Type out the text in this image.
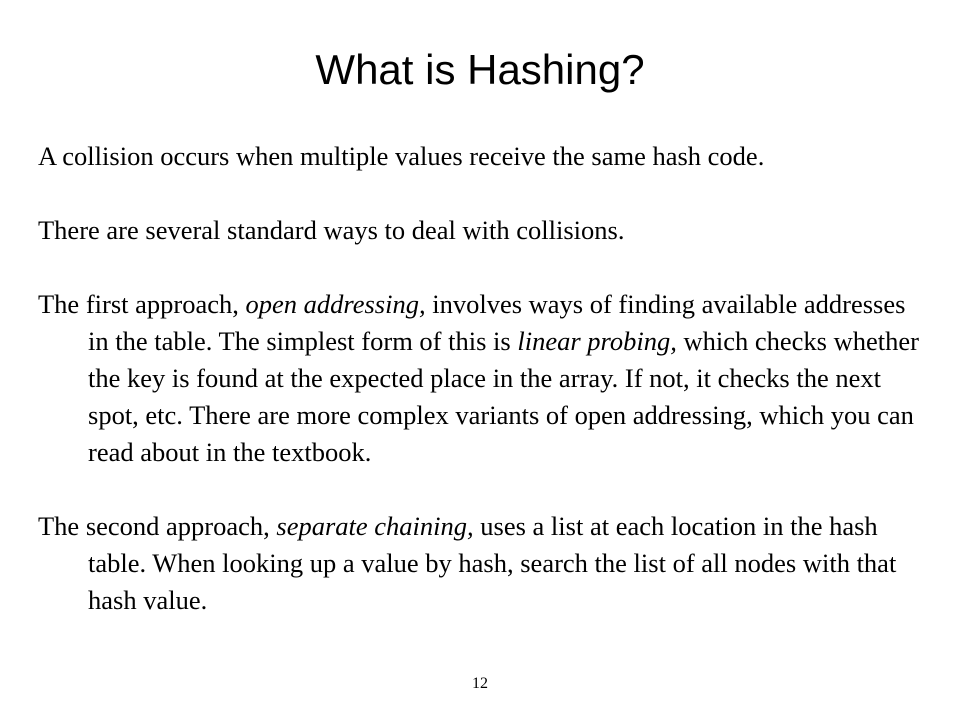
What is Hashing?

A collision occurs when multiple values receive the same hash code.

There are several standard ways to deal with collisions.

The first approach, open addressing, involves ways of finding available addresses in the table. The simplest form of this is linear probing, which checks whether the key is found at the expected place in the array. If not, it checks the next spot, etc. There are more complex variants of open addressing, which you can read about in the textbook.

The second approach, separate chaining, uses a list at each location in the hash table. When looking up a value by hash, search the list of all nodes with that hash value.

12
